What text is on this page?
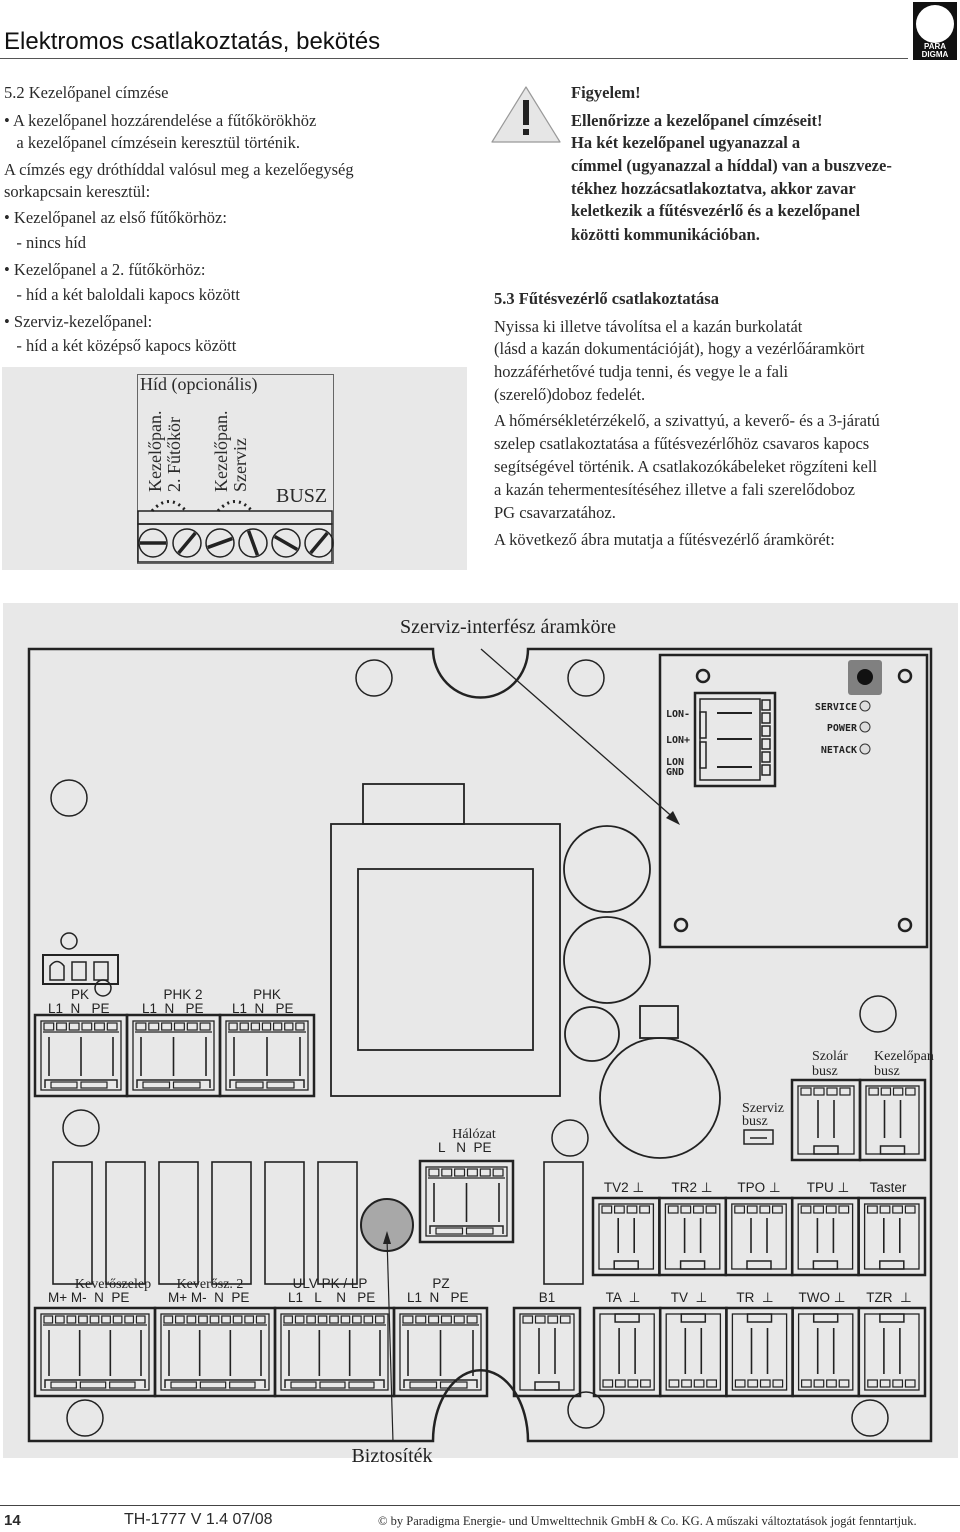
Elektromos csatlakoztatás, bekötés

	PARA
DIGMA

Híd (opcionális)
Kezelőpan.
2. Fűtőkör Kezelőpan.
Szerviz
BUSZ
Szerviz-interfész áramköre
LON-
LON+
LON
GND
SERVICE
POWER
NETACK
PK
L1  N   PE
PHK 2
L1  N   PE
PHK
L1  N   PE
Szolár
busz
Kezelőpan
busz
Szerviz
busz
Hálózat
L   N  PE
TV2 ⊥ TR2 ⊥ TPO ⊥ TPU ⊥ Taster
TA  ⊥ TV  ⊥ TR  ⊥ TWO ⊥ TZR  ⊥
Keverőszelep
M+ M-  N  PE
Keverősz. 2
M+ M-  N  PE
ULV PK / LP
L1   L    N   PE
PZ
L1  N   PE	B1
Biztosíték
14	TH-1777 V 1.4 07/08	© by Paradigma Energie- und Umwelttechnik GmbH & Co. KG. A műszaki változtatások jogát fenntartjuk.
5.2 Kezelőpanel címzése
• A kezelőpanel hozzárendelése a fűtőkörökhöz
a kezelőpanel címzésein keresztül történik.
A címzés egy dróthíddal valósul meg a kezelőegység
sorkapcsain keresztül:
• Kezelőpanel az első fűtőkörhöz:
- nincs híd
• Kezelőpanel a 2. fűtőkörhöz:
- híd a két baloldali kapocs között
• Szerviz-kezelőpanel:
- híd a két középső kapocs között
Figyelem!
Ellenőrizze a kezelőpanel címzéseit!
Ha két kezelőpanel ugyanazzal a
címmel (ugyanazzal a híddal) van a buszveze-
tékhez hozzácsatlakoztatva, akkor zavar
keletkezik a fűtésvezérlő és a kezelőpanel
közötti kommunikációban.
5.3 Fűtésvezérlő csatlakoztatása
Nyissa ki illetve távolítsa el a kazán burkolatát
(lásd a kazán dokumentációját), hogy a vezérlőáramkört
hozzáférhetővé tudja tenni, és vegye le a fali
(szerelő)doboz fedelét.
A hőmérsékletérzékelő, a szivattyú, a keverő- és a 3-járatú
szelep csatlakoztatása a fűtésvezérlőhöz csavaros kapocs
segítségével történik. A csatlakozókábeleket rögzíteni kell
a kazán tehermentesítéséhez illetve a fali szerelődoboz
PG csavarzatához.
A következő ábra mutatja a fűtésvezérlő áramkörét:
